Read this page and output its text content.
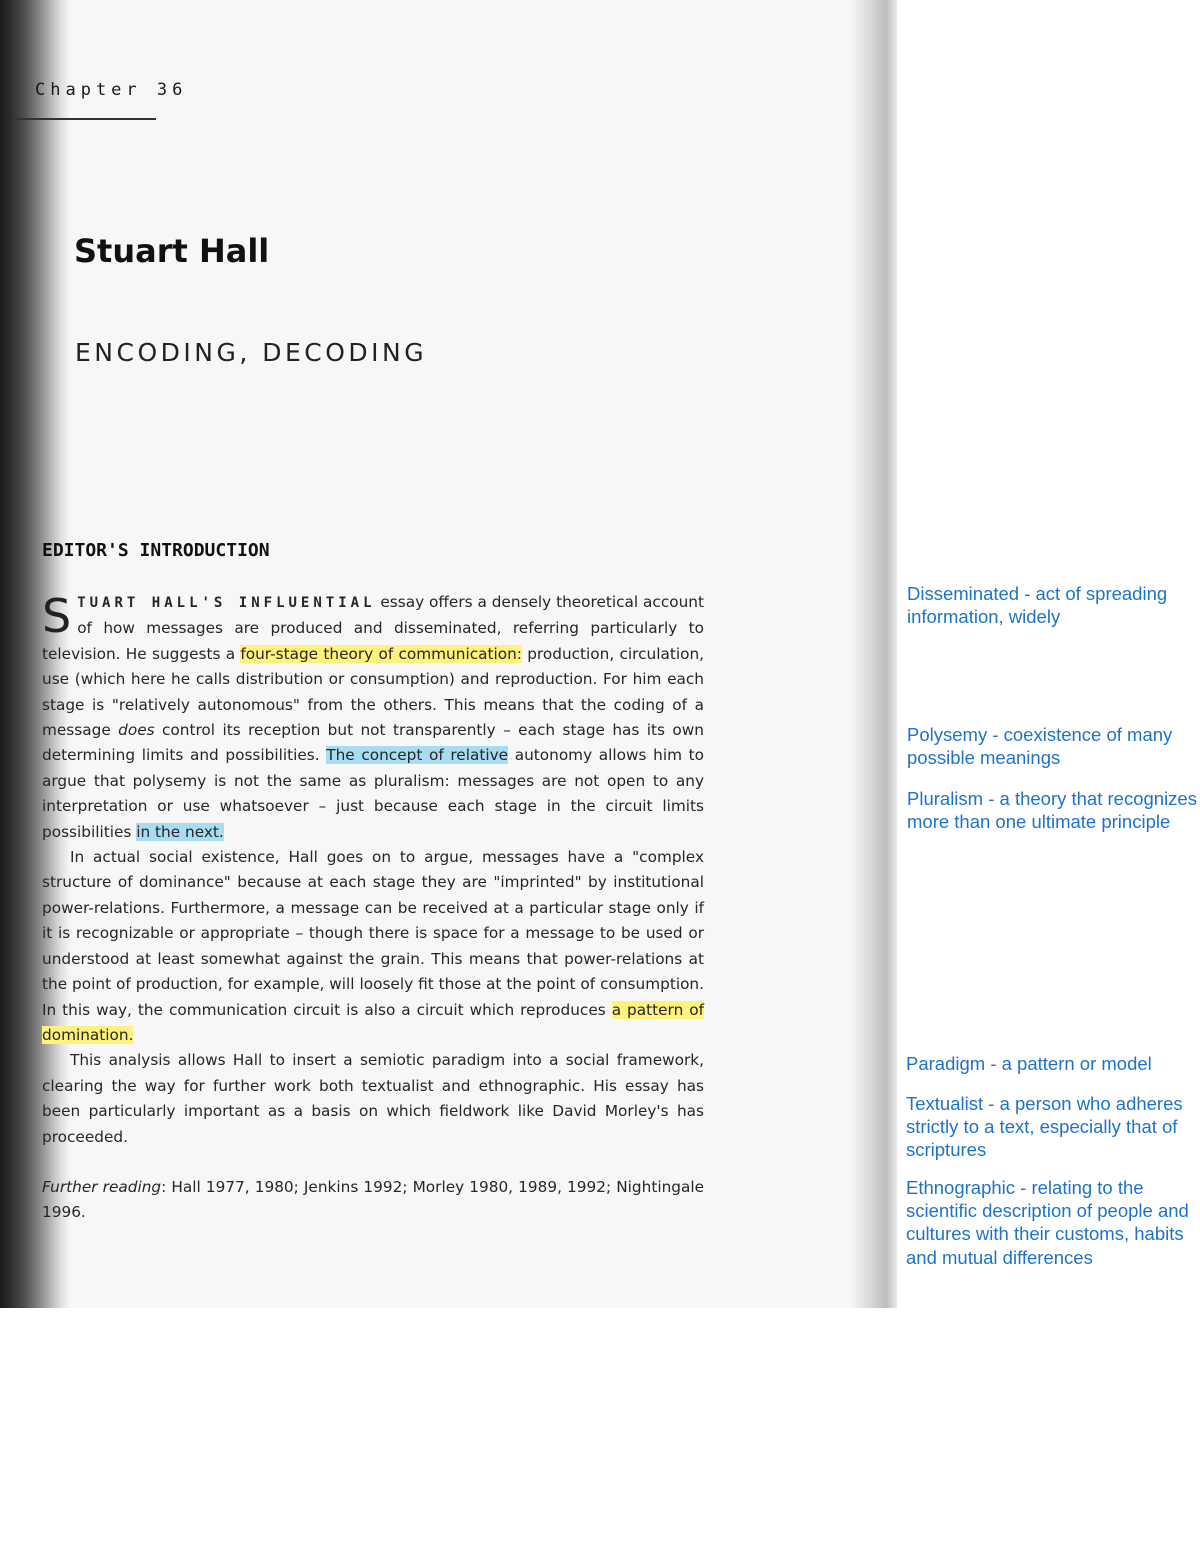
Chapter 36
Stuart Hall
ENCODING, DECODING
EDITOR'S INTRODUCTION

STUART HALL'S INFLUENTIAL essay offers a densely theoretical account of how messages are produced and disseminated, referring particularly to television. He suggests a four-stage theory of communication: production, circulation, use (which here he calls distribution or consumption) and reproduction. For him each stage is "relatively autonomous" from the others. This means that the coding of a message does control its reception but not transparently – each stage has its own determining limits and possibilities. The concept of relative autonomy allows him to argue that polysemy is not the same as pluralism: messages are not open to any interpretation or use whatsoever – just because each stage in the circuit limits possibilities in the next.

In actual social existence, Hall goes on to argue, messages have a "complex structure of dominance" because at each stage they are "imprinted" by institutional power-relations. Furthermore, a message can be received at a particular stage only if it is recognizable or appropriate – though there is space for a message to be used or understood at least somewhat against the grain. This means that power-relations at the point of production, for example, will loosely fit those at the point of consumption. In this way, the communication circuit is also a circuit which reproduces a pattern of domination.

This analysis allows Hall to insert a semiotic paradigm into a social framework, clearing the way for further work both textualist and ethnographic. His essay has been particularly important as a basis on which fieldwork like David Morley's has proceeded.

Further reading: Hall 1977, 1980; Jenkins 1992; Morley 1980, 1989, 1992; Nightingale 1996.

Disseminated - act of spreading information, widely
Polysemy - coexistence of many possible meanings
Pluralism - a theory that recognizes more than one ultimate principle
Paradigm - a pattern or model
Textualist - a person who adheres strictly to a text, especially that of scriptures
Ethnographic - relating to the scientific description of people and cultures with their customs, habits and mutual differences
